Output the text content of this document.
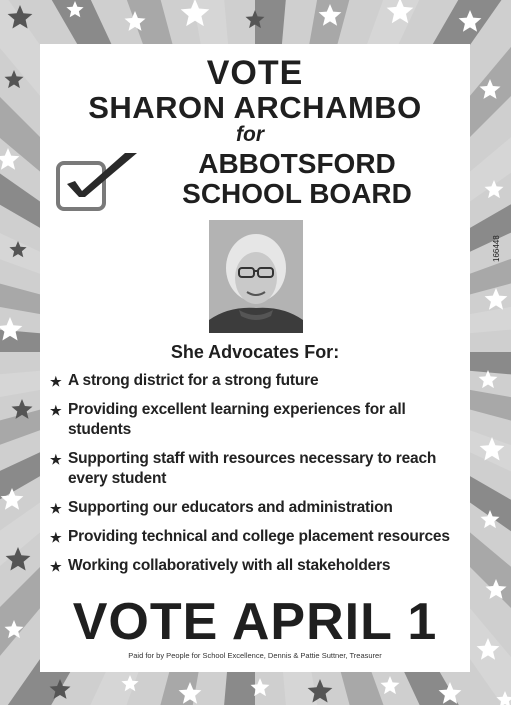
166448
VOTE
SHARON ARCHAMBO
for
ABBOTSFORD
SCHOOL BOARD
She Advocates For:
★ A strong district for a strong future
★ Providing excellent learning experiences for all students
★ Supporting staff with resources necessary to reach every student
★ Supporting our educators and administration
★ Providing technical and college placement resources
★ Working collaboratively with all stakeholders
VOTE APRIL 1
Paid for by People for School Excellence, Dennis & Pattie Suttner, Treasurer
